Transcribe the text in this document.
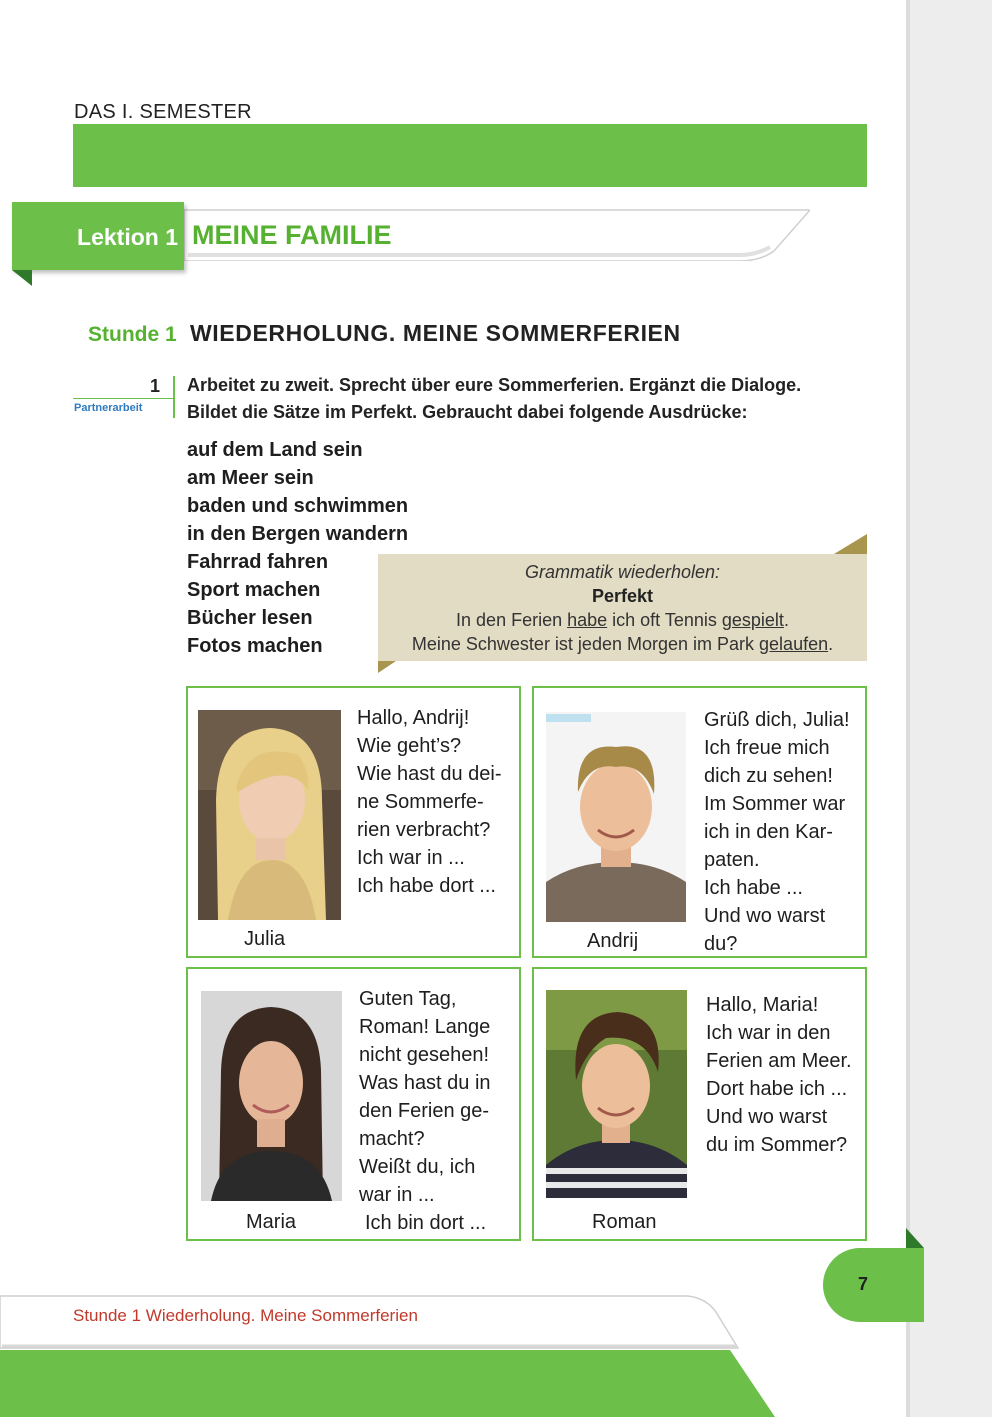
DAS I. SEMESTER
Lektion 1 MEINE FAMILIE
Stunde 1 WIEDERHOLUNG. MEINE SOMMERFERIEN
1
Partnerarbeit
Arbeitet zu zweit. Sprecht über eure Sommerferien. Ergänzt die Dialoge.
Bildet die Sätze im Perfekt. Gebraucht dabei folgende Ausdrücke:
auf dem Land sein
am Meer sein
baden und schwimmen
in den Bergen wandern
Fahrrad fahren
Sport machen
Bücher lesen
Fotos machen
Grammatik wiederholen:
Perfekt
In den Ferien habe ich oft Tennis gespielt.
Meine Schwester ist jeden Morgen im Park gelaufen.
Hallo, Andrij!
Wie geht’s?
Wie hast du dei-
ne Sommerfe-
rien verbracht?
Ich war in ...
Ich habe dort ...
Julia
Grüß dich, Julia!
Ich freue mich
dich zu sehen!
Im Sommer war
ich in den Kar-
paten.
Ich habe ...
Und wo warst
du?
Andrij
Guten Tag,
Roman! Lange
nicht gesehen!
Was hast du in
den Ferien ge-
macht?
Weißt du, ich
war in ...
Ich bin dort ...
Maria
Hallo, Maria!
Ich war in den
Ferien am Meer.
Dort habe ich ...
Und wo warst
du im Sommer?
Roman
7
Stunde 1 Wiederholung. Meine Sommerferien
